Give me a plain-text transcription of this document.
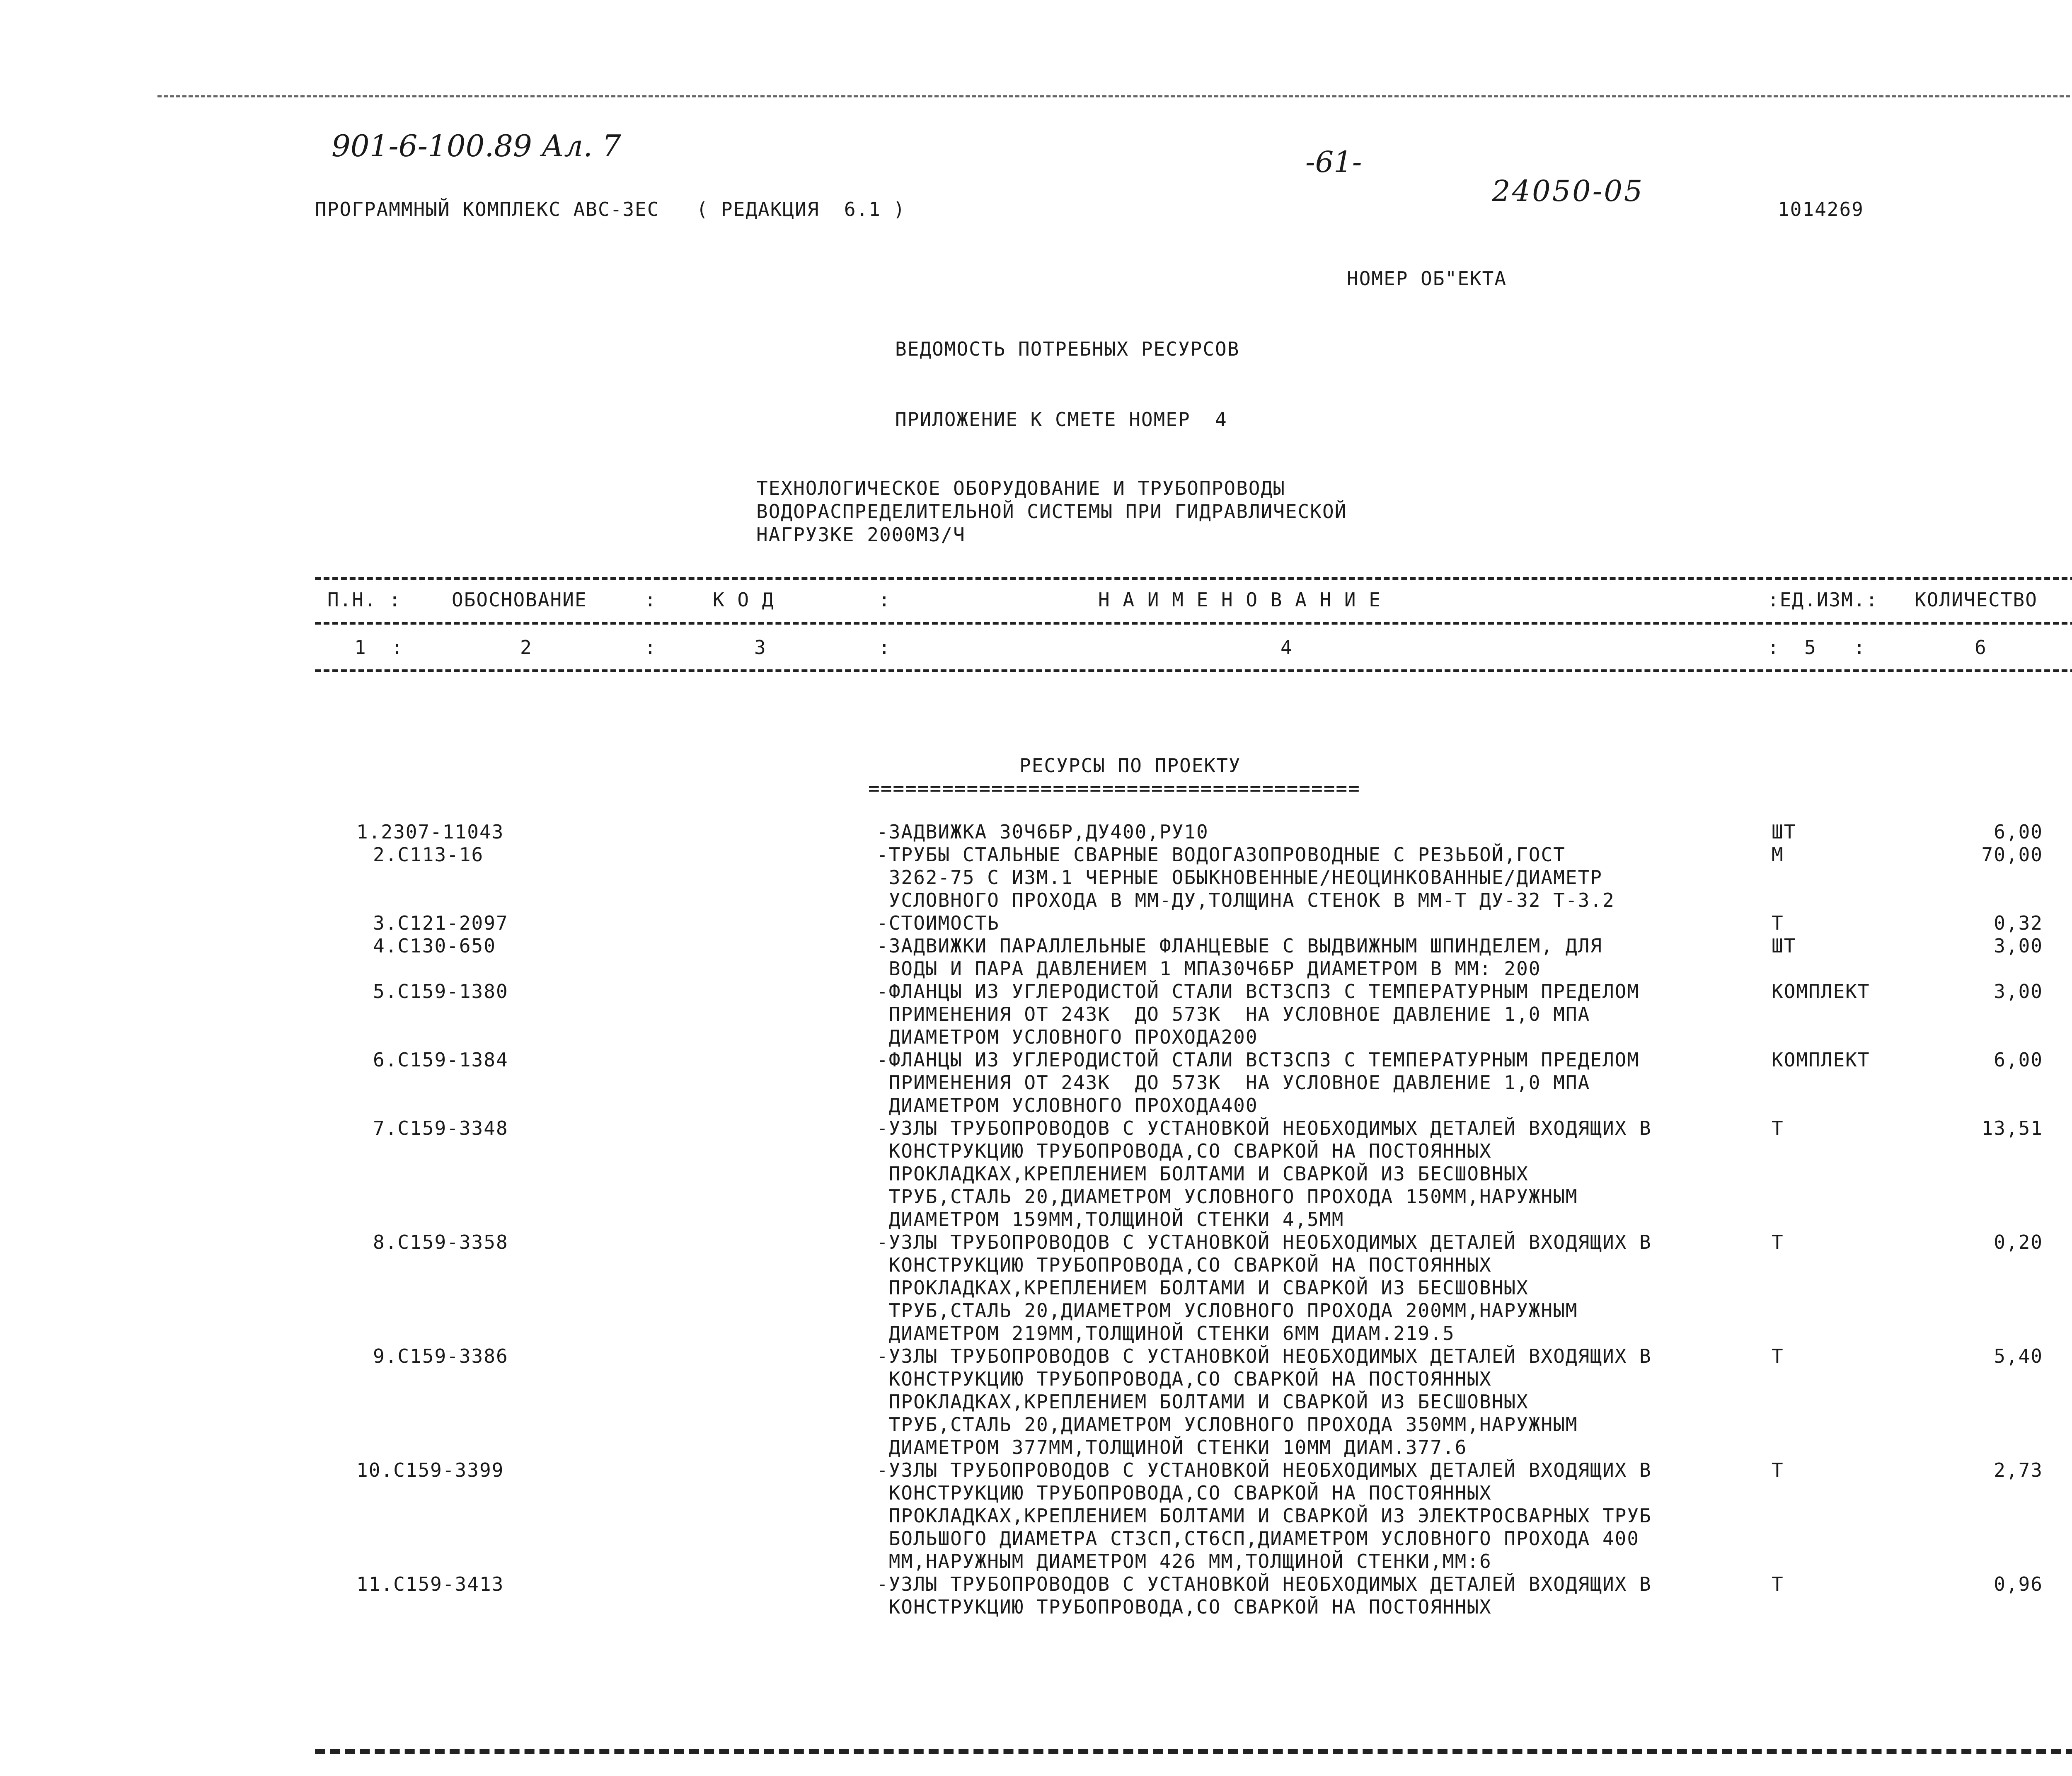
901-6-100.89 Ал. 7	-61-
24050-05
ПРОГРАММНЫЙ КОМПЛЕКС АВС-3ЕС   ( РЕДАКЦИЯ  6.1 )	1014269
НОМЕР ОБ"ЕКТА
ВЕДОМОСТЬ ПОТРЕБНЫХ РЕСУРСОВ
ПРИЛОЖЕНИЕ К СМЕТЕ НОМЕР  4
ТЕХНОЛОГИЧЕСКОЕ ОБОРУДОВАНИЕ И ТРУБОПРОВОДЫ
ВОДОРАСПРЕДЕЛИТЕЛЬНОЙ СИСТЕМЫ ПРИ ГИДРАВЛИЧЕСКОЙ
НАГРУЗКЕ 2000М3/Ч
П.Н. :	ОБОСНОВАНИЕ	:	К О Д	:	Н А И М Е Н О В А Н И Е	:ЕД.ИЗМ.: КОЛИЧЕСТВО
1  :	2	:	3	:	4	:  5   :	6
РЕСУРСЫ ПО ПРОЕКТУ
========================================
1.2307-11043	-ЗАДВИЖКА 30Ч6БР,ДУ400,РУ10	ШТ	6,00
2.С113-16	-ТРУБЫ СТАЛЬНЫЕ СВАРНЫЕ ВОДОГАЗОПРОВОДНЫЕ С РЕЗЬБОЙ,ГОСТ
3262-75 С ИЗМ.1 ЧЕРНЫЕ ОБЫКНОВЕННЫЕ/НЕОЦИНКОВАННЫЕ/ДИАМЕТР
УСЛОВНОГО ПРОХОДА В ММ-ДУ,ТОЛЩИНА СТЕНОК В ММ-Т ДУ-32 Т-3.2
М	70,00
3.С121-2097	-СТОИМОСТЬ	Т	0,32
4.С130-650	-ЗАДВИЖКИ ПАРАЛЛЕЛЬНЫЕ ФЛАНЦЕВЫЕ С ВЫДВИЖНЫМ ШПИНДЕЛЕМ, ДЛЯ
ВОДЫ И ПАРА ДАВЛЕНИЕМ 1 МПА30Ч6БР ДИАМЕТРОМ В ММ: 200
ШТ	3,00
5.С159-1380	-ФЛАНЦЫ ИЗ УГЛЕРОДИСТОЙ СТАЛИ ВСТ3СП3 С ТЕМПЕРАТУРНЫМ ПРЕДЕЛОМ
ПРИМЕНЕНИЯ ОТ 243К  ДО 573К  НА УСЛОВНОЕ ДАВЛЕНИЕ 1,0 МПА
ДИАМЕТРОМ УСЛОВНОГО ПРОХОДА200
КОМПЛЕКТ	3,00
6.С159-1384	-ФЛАНЦЫ ИЗ УГЛЕРОДИСТОЙ СТАЛИ ВСТ3СП3 С ТЕМПЕРАТУРНЫМ ПРЕДЕЛОМ
ПРИМЕНЕНИЯ ОТ 243К  ДО 573К  НА УСЛОВНОЕ ДАВЛЕНИЕ 1,0 МПА
ДИАМЕТРОМ УСЛОВНОГО ПРОХОДА400
КОМПЛЕКТ	6,00
7.С159-3348	-УЗЛЫ ТРУБОПРОВОДОВ С УСТАНОВКОЙ НЕОБХОДИМЫХ ДЕТАЛЕЙ ВХОДЯЩИХ В
КОНСТРУКЦИЮ ТРУБОПРОВОДА,СО СВАРКОЙ НА ПОСТОЯННЫХ
ПРОКЛАДКАХ,КРЕПЛЕНИЕМ БОЛТАМИ И СВАРКОЙ ИЗ БЕСШОВНЫХ
ТРУБ,СТАЛЬ 20,ДИАМЕТРОМ УСЛОВНОГО ПРОХОДА 150ММ,НАРУЖНЫМ
ДИАМЕТРОМ 159ММ,ТОЛЩИНОЙ СТЕНКИ 4,5ММ
Т	13,51
8.С159-3358	-УЗЛЫ ТРУБОПРОВОДОВ С УСТАНОВКОЙ НЕОБХОДИМЫХ ДЕТАЛЕЙ ВХОДЯЩИХ В
КОНСТРУКЦИЮ ТРУБОПРОВОДА,СО СВАРКОЙ НА ПОСТОЯННЫХ
ПРОКЛАДКАХ,КРЕПЛЕНИЕМ БОЛТАМИ И СВАРКОЙ ИЗ БЕСШОВНЫХ
ТРУБ,СТАЛЬ 20,ДИАМЕТРОМ УСЛОВНОГО ПРОХОДА 200ММ,НАРУЖНЫМ
ДИАМЕТРОМ 219ММ,ТОЛЩИНОЙ СТЕНКИ 6ММ ДИАМ.219.5
Т	0,20
9.С159-3386	-УЗЛЫ ТРУБОПРОВОДОВ С УСТАНОВКОЙ НЕОБХОДИМЫХ ДЕТАЛЕЙ ВХОДЯЩИХ В
КОНСТРУКЦИЮ ТРУБОПРОВОДА,СО СВАРКОЙ НА ПОСТОЯННЫХ
ПРОКЛАДКАХ,КРЕПЛЕНИЕМ БОЛТАМИ И СВАРКОЙ ИЗ БЕСШОВНЫХ
ТРУБ,СТАЛЬ 20,ДИАМЕТРОМ УСЛОВНОГО ПРОХОДА 350ММ,НАРУЖНЫМ
ДИАМЕТРОМ 377ММ,ТОЛЩИНОЙ СТЕНКИ 10ММ ДИАМ.377.6
Т	5,40
10.С159-3399	-УЗЛЫ ТРУБОПРОВОДОВ С УСТАНОВКОЙ НЕОБХОДИМЫХ ДЕТАЛЕЙ ВХОДЯЩИХ В
КОНСТРУКЦИЮ ТРУБОПРОВОДА,СО СВАРКОЙ НА ПОСТОЯННЫХ
ПРОКЛАДКАХ,КРЕПЛЕНИЕМ БОЛТАМИ И СВАРКОЙ ИЗ ЭЛЕКТРОСВАРНЫХ ТРУБ
БОЛЬШОГО ДИАМЕТРА СТ3СП,СТ6СП,ДИАМЕТРОМ УСЛОВНОГО ПРОХОДА 400
ММ,НАРУЖНЫМ ДИАМЕТРОМ 426 ММ,ТОЛЩИНОЙ СТЕНКИ,ММ:6
Т	2,73
11.С159-3413	-УЗЛЫ ТРУБОПРОВОДОВ С УСТАНОВКОЙ НЕОБХОДИМЫХ ДЕТАЛЕЙ ВХОДЯЩИХ В
КОНСТРУКЦИЮ ТРУБОПРОВОДА,СО СВАРКОЙ НА ПОСТОЯННЫХ
Т	0,96
